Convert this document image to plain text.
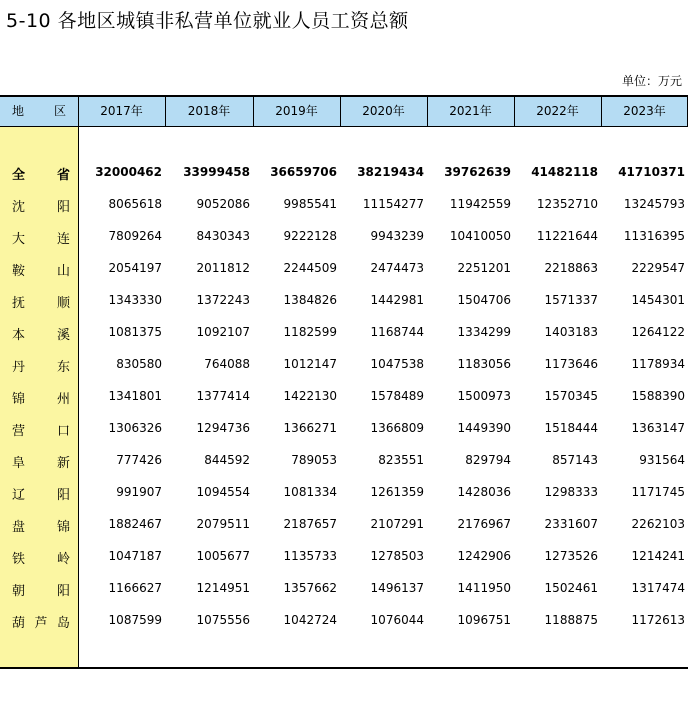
5-10 各地区城镇非私营单位就业人员工资总额
单位：万元
地 区	2017年	2018年	2019年	2020年	2021年	2022年	2023年
全 省	32000462	33999458	36659706	38219434	39762639	41482118	41710371
沈 阳	8065618	9052086	9985541	11154277	11942559	12352710	13245793
大 连	7809264	8430343	9222128	9943239	10410050	11221644	11316395
鞍 山	2054197	2011812	2244509	2474473	2251201	2218863	2229547
抚 顺	1343330	1372243	1384826	1442981	1504706	1571337	1454301
本 溪	1081375	1092107	1182599	1168744	1334299	1403183	1264122
丹 东	830580	764088	1012147	1047538	1183056	1173646	1178934
锦 州	1341801	1377414	1422130	1578489	1500973	1570345	1588390
营 口	1306326	1294736	1366271	1366809	1449390	1518444	1363147
阜 新	777426	844592	789053	823551	829794	857143	931564
辽 阳	991907	1094554	1081334	1261359	1428036	1298333	1171745
盘 锦	1882467	2079511	2187657	2107291	2176967	2331607	2262103
铁 岭	1047187	1005677	1135733	1278503	1242906	1273526	1214241
朝 阳	1166627	1214951	1357662	1496137	1411950	1502461	1317474
葫 芦 岛	1087599	1075556	1042724	1076044	1096751	1188875	1172613
